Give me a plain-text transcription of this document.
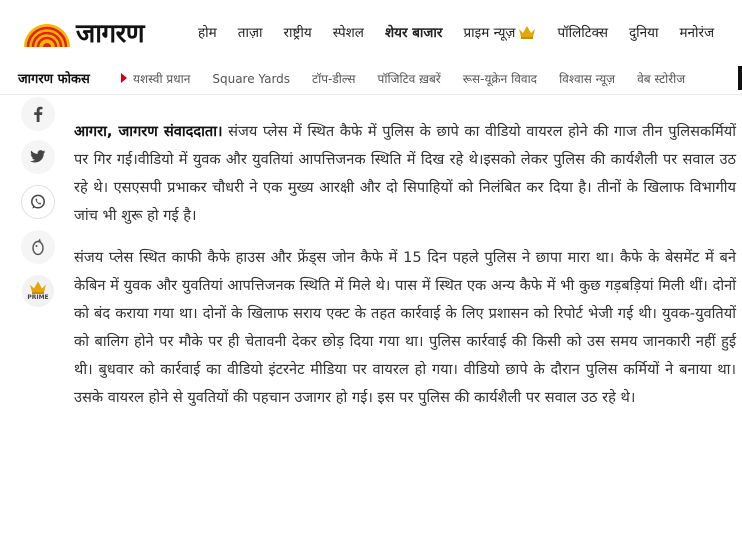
जागरण	होम ताज़ा राष्ट्रीय स्पेशल शेयर बाजार प्राइम न्यूज़	पॉलिटिक्स दुनिया मनोरंज
जागरण फोकस	यशस्वी प्रधान Square Yards टॉप-डील्स पॉजिटिव ख़बरें रूस-यूक्रेन विवाद विश्वास न्यूज़ वेब स्टोरीज
PRIME

आगरा, जागरण संवाददाता। संजय प्लेस में स्थित कैफे में पुलिस के छापे का वीडियो वायरल होने की गाज तीन पुलिसकर्मियों पर गिर गई।वीडियो में युवक और युवतियां आपत्तिजनक स्थिति में दिख रहे थे।इसको लेकर पुलिस की कार्यशैली पर सवाल उठ रहे थे। एसएसपी प्रभाकर चौधरी ने एक मुख्य आरक्षी और दो सिपाहियों को निलंबित कर दिया है। तीनों के खिलाफ विभागीय जांच भी शुरू हो गई है।

संजय प्लेस स्थित काफी कैफे हाउस और फ्रेंड्स जोन कैफे में 15 दिन पहले पुलिस ने छापा मारा था। कैफे के बेसमेंट में बने केबिन में युवक और युवतियां आपत्तिजनक स्थिति में मिले थे। पास में स्थित एक अन्य कैफे में भी कुछ गड़बड़ियां मिली थीं। दोनों को बंद कराया गया था। दोनों के खिलाफ सराय एक्ट के तहत कार्रवाई के लिए प्रशासन को रिपोर्ट भेजी गई थी। युवक-युवतियों को बालिग होने पर मौके पर ही चेतावनी देकर छोड़ दिया गया था। पुलिस कार्रवाई की किसी को उस समय जानकारी नहीं हुई थी। बुधवार को कार्रवाई का वीडियो इंटरनेट मीडिया पर वायरल हो गया। वीडियो छापे के दौरान पुलिस कर्मियों ने बनाया था। उसके वायरल होने से युवतियों की पहचान उजागर हो गई। इस पर पुलिस की कार्यशैली पर सवाल उठ रहे थे।
